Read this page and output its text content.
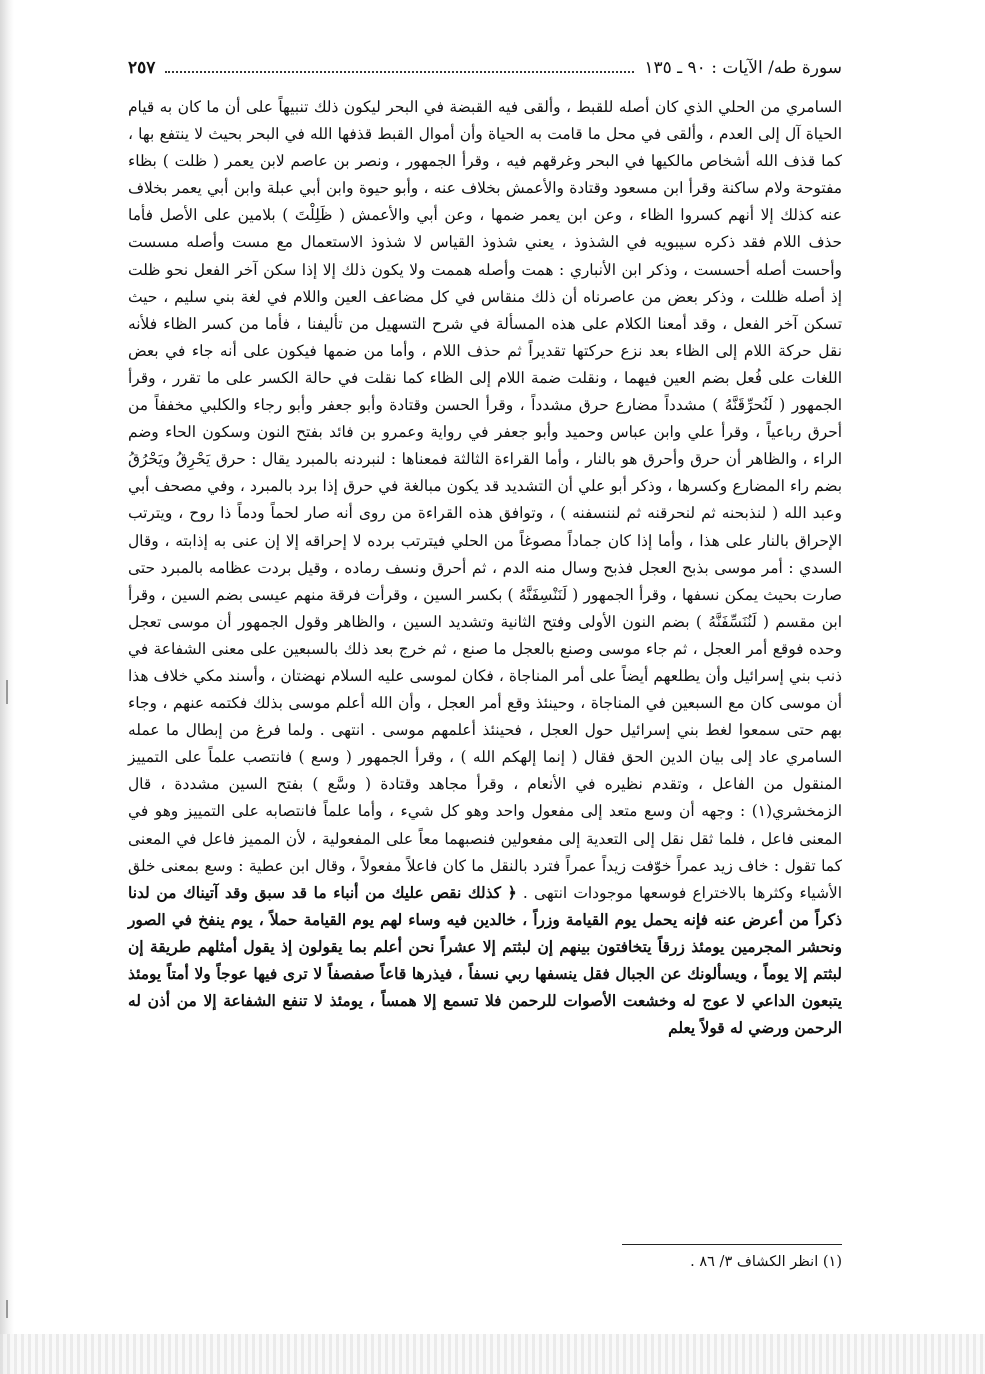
سورة طه/ الآيات : ٩٠ ـ ١٣٥
٢٥٧

السامري من الحلي الذي كان أصله للقبط ، وألقى فيه القبضة في البحر ليكون ذلك تنبيهاً على أن ما كان به قيام الحياة آل إلى العدم ، وألقى في محل ما قامت به الحياة وأن أموال القبط قذفها الله في البحر بحيث لا ينتفع بها ، كما قذف الله أشخاص مالكيها في البحر وغرقهم فيه ، وقرأ الجمهور ، ونصر بن عاصم لابن يعمر ( ظلت ) بظاء مفتوحة ولام ساكنة وقرأ ابن مسعود وقتادة والأعمش بخلاف عنه ، وأبو حيوة وابن أبي عبلة وابن أبي يعمر بخلاف عنه كذلك إلا أنهم كسروا الظاء ، وعن ابن يعمر ضمها ، وعن أبي والأعمش ( ظَلِلْتَ ) بلامين على الأصل فأما حذف اللام فقد ذكره سيبويه في الشذوذ ، يعني شذوذ القياس لا شذوذ الاستعمال مع مست وأصله مسست وأحست أصله أحسست ، وذكر ابن الأنباري : همت وأصله هممت ولا يكون ذلك إلا إذا سكن آخر الفعل نحو ظلت إذ أصله ظللت ، وذكر بعض من عاصرناه أن ذلك منقاس في كل مضاعف العين واللام في لغة بني سليم ، حيث تسكن آخر الفعل ، وقد أمعنا الكلام على هذه المسألة في شرح التسهيل من تأليفنا ، فأما من كسر الظاء فلأنه نقل حركة اللام إلى الظاء بعد نزع حركتها تقديراً ثم حذف اللام ، وأما من ضمها فيكون على أنه جاء في بعض اللغات على فُعل بضم العين فيهما ، ونقلت ضمة اللام إلى الظاء كما نقلت في حالة الكسر على ما تقرر ، وقرأ الجمهور ( لَنُحرِّقَنَّهُ ) مشدداً مضارع حرق مشدداً ، وقرأ الحسن وقتادة وأبو جعفر وأبو رجاء والكلبي مخففاً من أحرق رباعياً ، وقرأ علي وابن عباس وحميد وأبو جعفر في رواية وعمرو بن فائد بفتح النون وسكون الحاء وضم الراء ، والظاهر أن حرق وأحرق هو بالنار ، وأما القراءة الثالثة فمعناها : لنبردنه بالمبرد يقال : حرق يَحْرِقُ ويَحْرُقُ بضم راء المضارع وكسرها ، وذكر أبو علي أن التشديد قد يكون مبالغة في حرق إذا برد بالمبرد ، وفي مصحف أبي وعبد الله ( لنذبحنه ثم لنحرقنه ثم لننسفنه ) ، وتوافق هذه القراءة من روى أنه صار لحماً ودماً ذا روح ، ويترتب الإحراق بالنار على هذا ، وأما إذا كان جماداً مصوغاً من الحلي فيترتب برده لا إحراقه إلا إن عنى به إذابته ، وقال السدي : أمر موسى بذبح العجل فذبح وسال منه الدم ، ثم أحرق ونسف رماده ، وقيل بردت عظامه بالمبرد حتى صارت بحيث يمكن نسفها ، وقرأ الجمهور ( لَنَنْسِفَنَّهُ ) بكسر السين ، وقرأت فرقة منهم عيسى بضم السين ، وقرأ ابن مقسم ( لَنُنَسِّفَنَّهُ ) بضم النون الأولى وفتح الثانية وتشديد السين ، والظاهر وقول الجمهور أن موسى تعجل وحده فوقع أمر العجل ، ثم جاء موسى وصنع بالعجل ما صنع ، ثم خرج بعد ذلك بالسبعين على معنى الشفاعة في ذنب بني إسرائيل وأن يطلعهم أيضاً على أمر المناجاة ، فكان لموسى عليه السلام نهضتان ، وأسند مكي خلاف هذا أن موسى كان مع السبعين في المناجاة ، وحينئذ وقع أمر العجل ، وأن الله أعلم موسى بذلك فكتمه عنهم ، وجاء بهم حتى سمعوا لغط بني إسرائيل حول العجل ، فحينئذ أعلمهم موسى . انتهى . ولما فرغ من إبطال ما عمله السامري عاد إلى بيان الدين الحق فقال ( إنما إلهكم الله ) ، وقرأ الجمهور ( وسع ) فانتصب علماً على التمييز المنقول من الفاعل ، وتقدم نظيره في الأنعام ، وقرأ مجاهد وقتادة ( وسَّع ) بفتح السين مشددة ، قال الزمخشري(١) : وجهه أن وسع متعد إلى مفعول واحد وهو كل شيء ، وأما علماً فانتصابه على التمييز وهو في المعنى فاعل ، فلما ثقل نقل إلى التعدية إلى مفعولين فنصبهما معاً على المفعولية ، لأن المميز فاعل في المعنى كما تقول : خاف زيد عمراً خوّفت زيداً عمراً فترد بالنقل ما كان فاعلاً مفعولاً ، وقال ابن عطية : وسع بمعنى خلق الأشياء وكثرها بالاختراع فوسعها موجودات انتهى . ﴿ كذلك نقص عليك من أنباء ما قد سبق وقد آتيناك من لدنا ذكراً من أعرض عنه فإنه يحمل يوم القيامة وزراً ، خالدين فيه وساء لهم يوم القيامة حملاً ، يوم ينفخ في الصور ونحشر المجرمين يومئذ زرقاً يتخافتون بينهم إن لبثتم إلا عشراً نحن أعلم بما يقولون إذ يقول أمثلهم طريقة إن لبثتم إلا يوماً ، ويسألونك عن الجبال فقل ينسفها ربي نسفاً ، فيذرها قاعاً صفصفاً لا ترى فيها عوجاً ولا أمتاً يومئذ يتبعون الداعي لا عوج له وخشعت الأصوات للرحمن فلا تسمع إلا همساً ، يومئذ لا تنفع الشفاعة إلا من أذن له الرحمن ورضي له قولاً يعلم

(١) انظر الكشاف ٣/ ٨٦ .
